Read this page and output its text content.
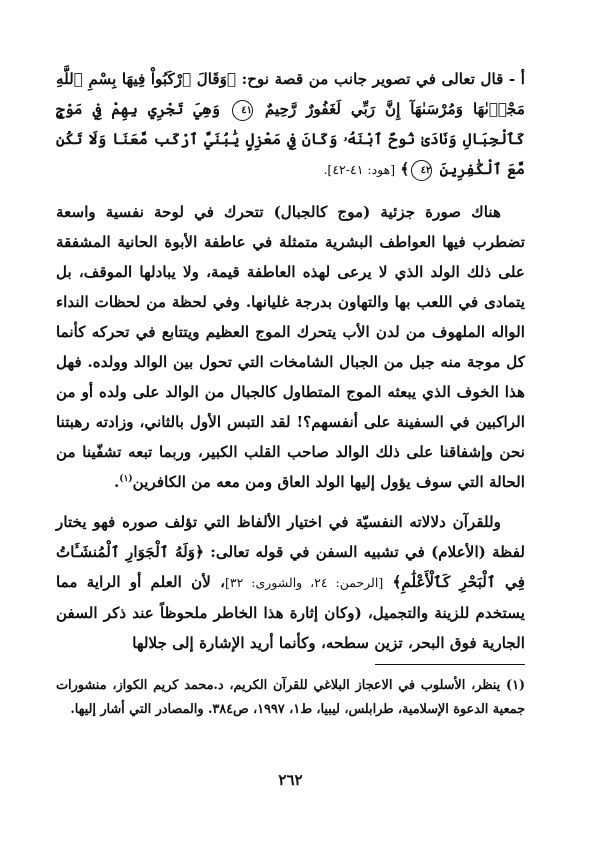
أ - قال تعالى في تصوير جانب من قصة نوح: ﴿وَقَالَ ٱرْكَبُواْ فِيهَا بِسْمِ ٱللَّهِ مَجْرٜىٰهَا وَمُرْسَىٰهَآ إِنَّ رَبِّي لَغَفُورٌ رَّحِيمٌ ٤١ وَهِيَ تَجْرِي بِهِمْ فِي مَوْجٍ كَٱلْجِبَالِ وَنَادَىٰ نُوحٌ ٱبْنَهُۥ وَكَانَ فِي مَعْزِلٍ يَٰبُنَيَّ ٱرْكَب مَّعَنَا وَلَا تَكُن مَّعَ ٱلْكَٰفِرِينَ ٤٢﴾ [هود: ٤١-٤٢].

هناك صورة جزئية (موج كالجبال) تتحرك في لوحة نفسية واسعة تضطرب فيها العواطف البشرية متمثلة في عاطفة الأبوة الحانية المشفقة على ذلك الولد الذي لا يرعى لهذه العاطفة قيمة، ولا يبادلها الموقف، بل يتمادى في اللعب بها والتهاون بدرجة غليانها. وفي لحظة من لحظات النداء الواله الملهوف من لدن الأب يتحرك الموج العظيم ويتتابع في تحركه كأنما كل موجة منه جبل من الجبال الشامخات التي تحول بين الوالد وولده. فهل هذا الخوف الذي يبعثه الموج المتطاول كالجبال من الوالد على ولده أو من الراكبين في السفينة على أنفسهم؟! لقد التبس الأول بالثاني، وزادته رهبتنا نحن وإشفاقنا على ذلك الوالد صاحب القلب الكبير، وربما تبعه تشفّينا من الحالة التي سوف يؤول إليها الولد العاق ومن معه من الكافرين$^{(١)}$.

وللقرآن دلالاته النفسيّة في اختيار الألفاظ التي تؤلف صوره فهو يختار لفظة (الأعلام) في تشبيه السفن في قوله تعالى: ﴿وَلَهُ ٱلْجَوَارِ ٱلْمُنشَـَٔاتُ فِي ٱلْبَحْرِ كَٱلْأَعْلَٰمِ﴾ [الرحمن: ٢٤، والشورى: ٣٢]، لأن العلم أو الراية مما يستخدم للزينة والتجميل، (وكان إثارة هذا الخاطر ملحوظاً عند ذكر السفن الجارية فوق البحر، تزين سطحه، وكأنما أريد الإشارة إلى جلالها

(١) ينظر، الأسلوب في الاعجاز البلاغي للقرآن الكريم، د.محمد كريم الكواز، منشورات جمعية الدعوة الإسلامية، طرابلس، ليبيا، ط١، ١٩٩٧، ص٣٨٤. والمصادر التي أشار إليها.

٢٦٢
